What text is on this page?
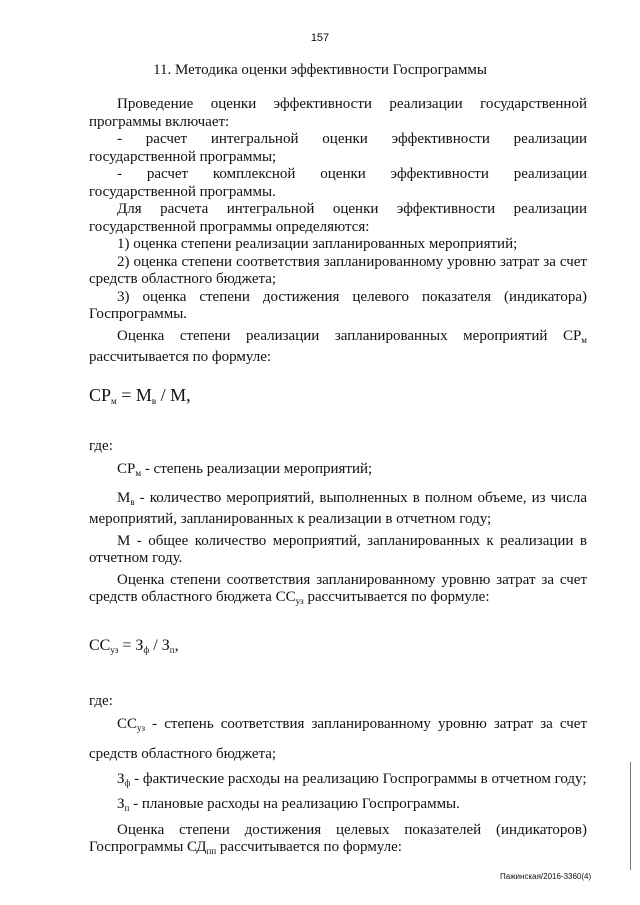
157
11. Методика оценки эффективности Госпрограммы

Проведение оценки эффективности реализации государственной программы включает:

- расчет интегральной оценки эффективности реализации государственной программы;

- расчет комплексной оценки эффективности реализации государственной программы.

Для расчета интегральной оценки эффективности реализации государственной программы определяются:

1) оценка степени реализации запланированных мероприятий;

2) оценка степени соответствия запланированному уровню затрат за счет средств областного бюджета;

3) оценка степени достижения целевого показателя (индикатора) Госпрограммы.

Оценка степени реализации запланированных мероприятий $СР_м$ рассчитывается по формуле:

$СР_м = М_в / М$,

где:

$СР_м$ - степень реализации мероприятий;

$М_в$ - количество мероприятий, выполненных в полном объеме, из числа мероприятий, запланированных к реализации в отчетном году;

М - общее количество мероприятий, запланированных к реализации в отчетном году.

Оценка степени соответствия запланированному уровню затрат за счет средств областного бюджета $СС_{уз}$ рассчитывается по формуле:

$СС_{уз} = З_ф / З_п$,

где:

$СС_{уз}$ - степень соответствия запланированному уровню затрат за счет средств областного бюджета;

$З_ф$ - фактические расходы на реализацию Госпрограммы в отчетном году;

$З_п$ - плановые расходы на реализацию Госпрограммы.

Оценка степени достижения целевых показателей (индикаторов) Госпрограммы $СД_{пп}$ рассчитывается по формуле:

Пажинская/2016-3360(4)
